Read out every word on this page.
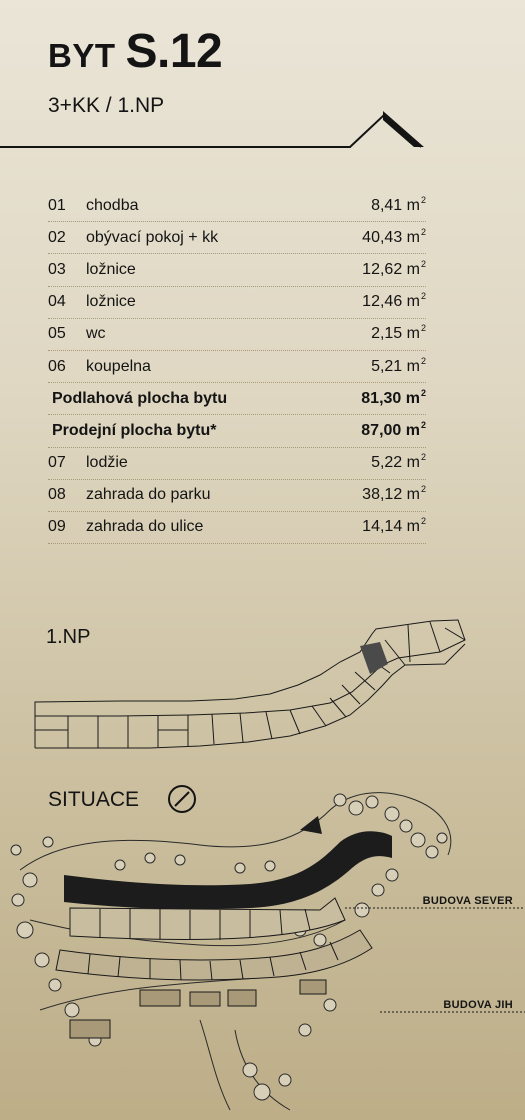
BYT S.12
3+KK / 1.NP
01	chodba	8,41 $m^2$
02	obývací pokoj + kk	40,43 $m^2$
03	ložnice	12,62 $m^2$
04	ložnice	12,46 $m^2$
05	wc	2,15 $m^2$
06	koupelna	5,21 $m^2$
Podlahová plocha bytu	81,30 $m^2$
Prodejní plocha bytu*	87,00 $m^2$
07	lodžie	5,22 $m^2$
08	zahrada do parku	38,12 $m^2$
09	zahrada do ulice	14,14 $m^2$
1.NP
SITUACE
BUDOVA SEVER
BUDOVA JIH
